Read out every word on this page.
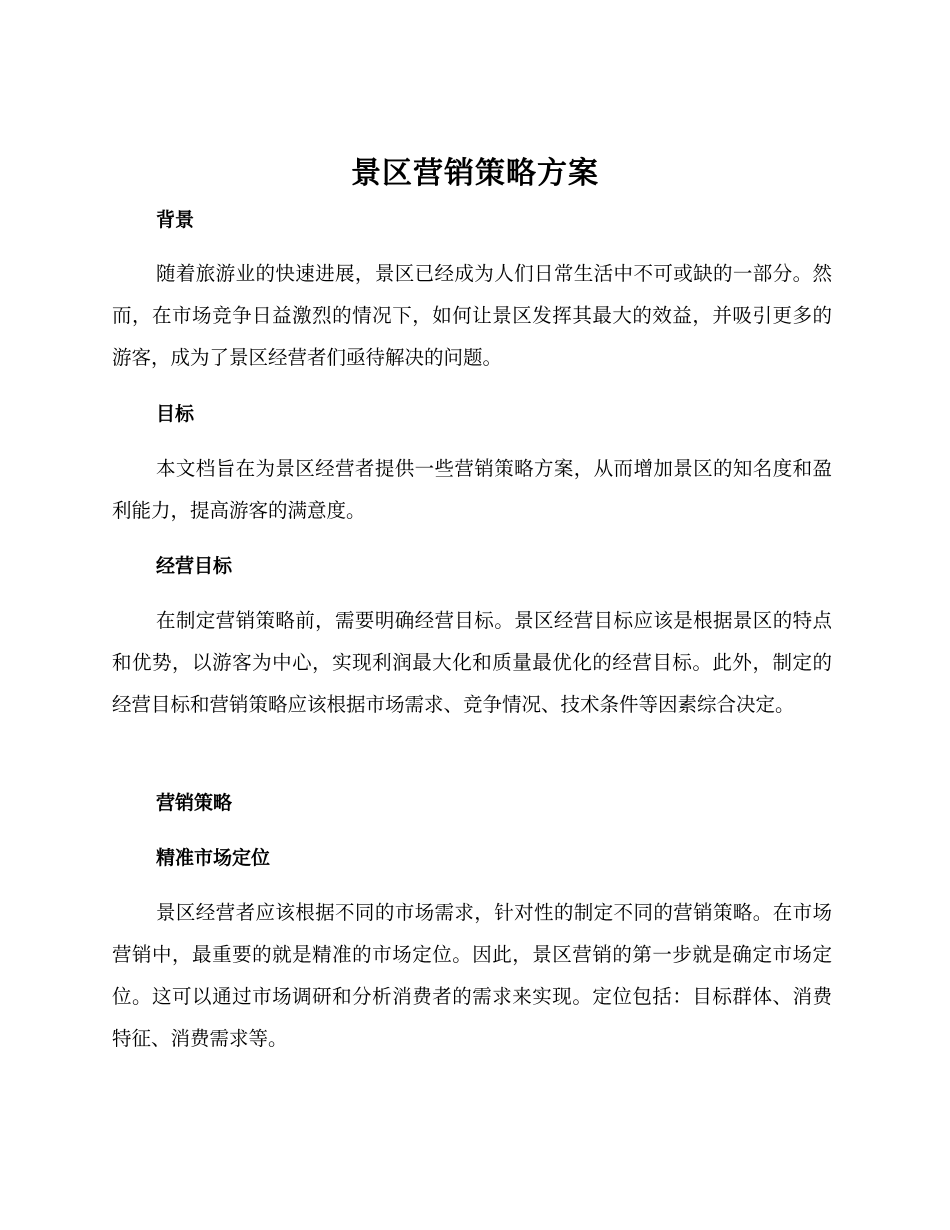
景区营销策略方案
背景

随着旅游业的快速进展，景区已经成为人们日常生活中不可或缺的一部分。然而，在市场竞争日益激烈的情况下，如何让景区发挥其最大的效益，并吸引更多的游客，成为了景区经营者们亟待解决的问题。

目标

本文档旨在为景区经营者提供一些营销策略方案，从而增加景区的知名度和盈利能力，提高游客的满意度。

经营目标

在制定营销策略前，需要明确经营目标。景区经营目标应该是根据景区的特点和优势，以游客为中心，实现利润最大化和质量最优化的经营目标。此外，制定的经营目标和营销策略应该根据市场需求、竞争情况、技术条件等因素综合决定。

营销策略
精准市场定位

景区经营者应该根据不同的市场需求，针对性的制定不同的营销策略。在市场营销中，最重要的就是精准的市场定位。因此，景区营销的第一步就是确定市场定位。这可以通过市场调研和分析消费者的需求来实现。定位包括：目标群体、消费特征、消费需求等。
